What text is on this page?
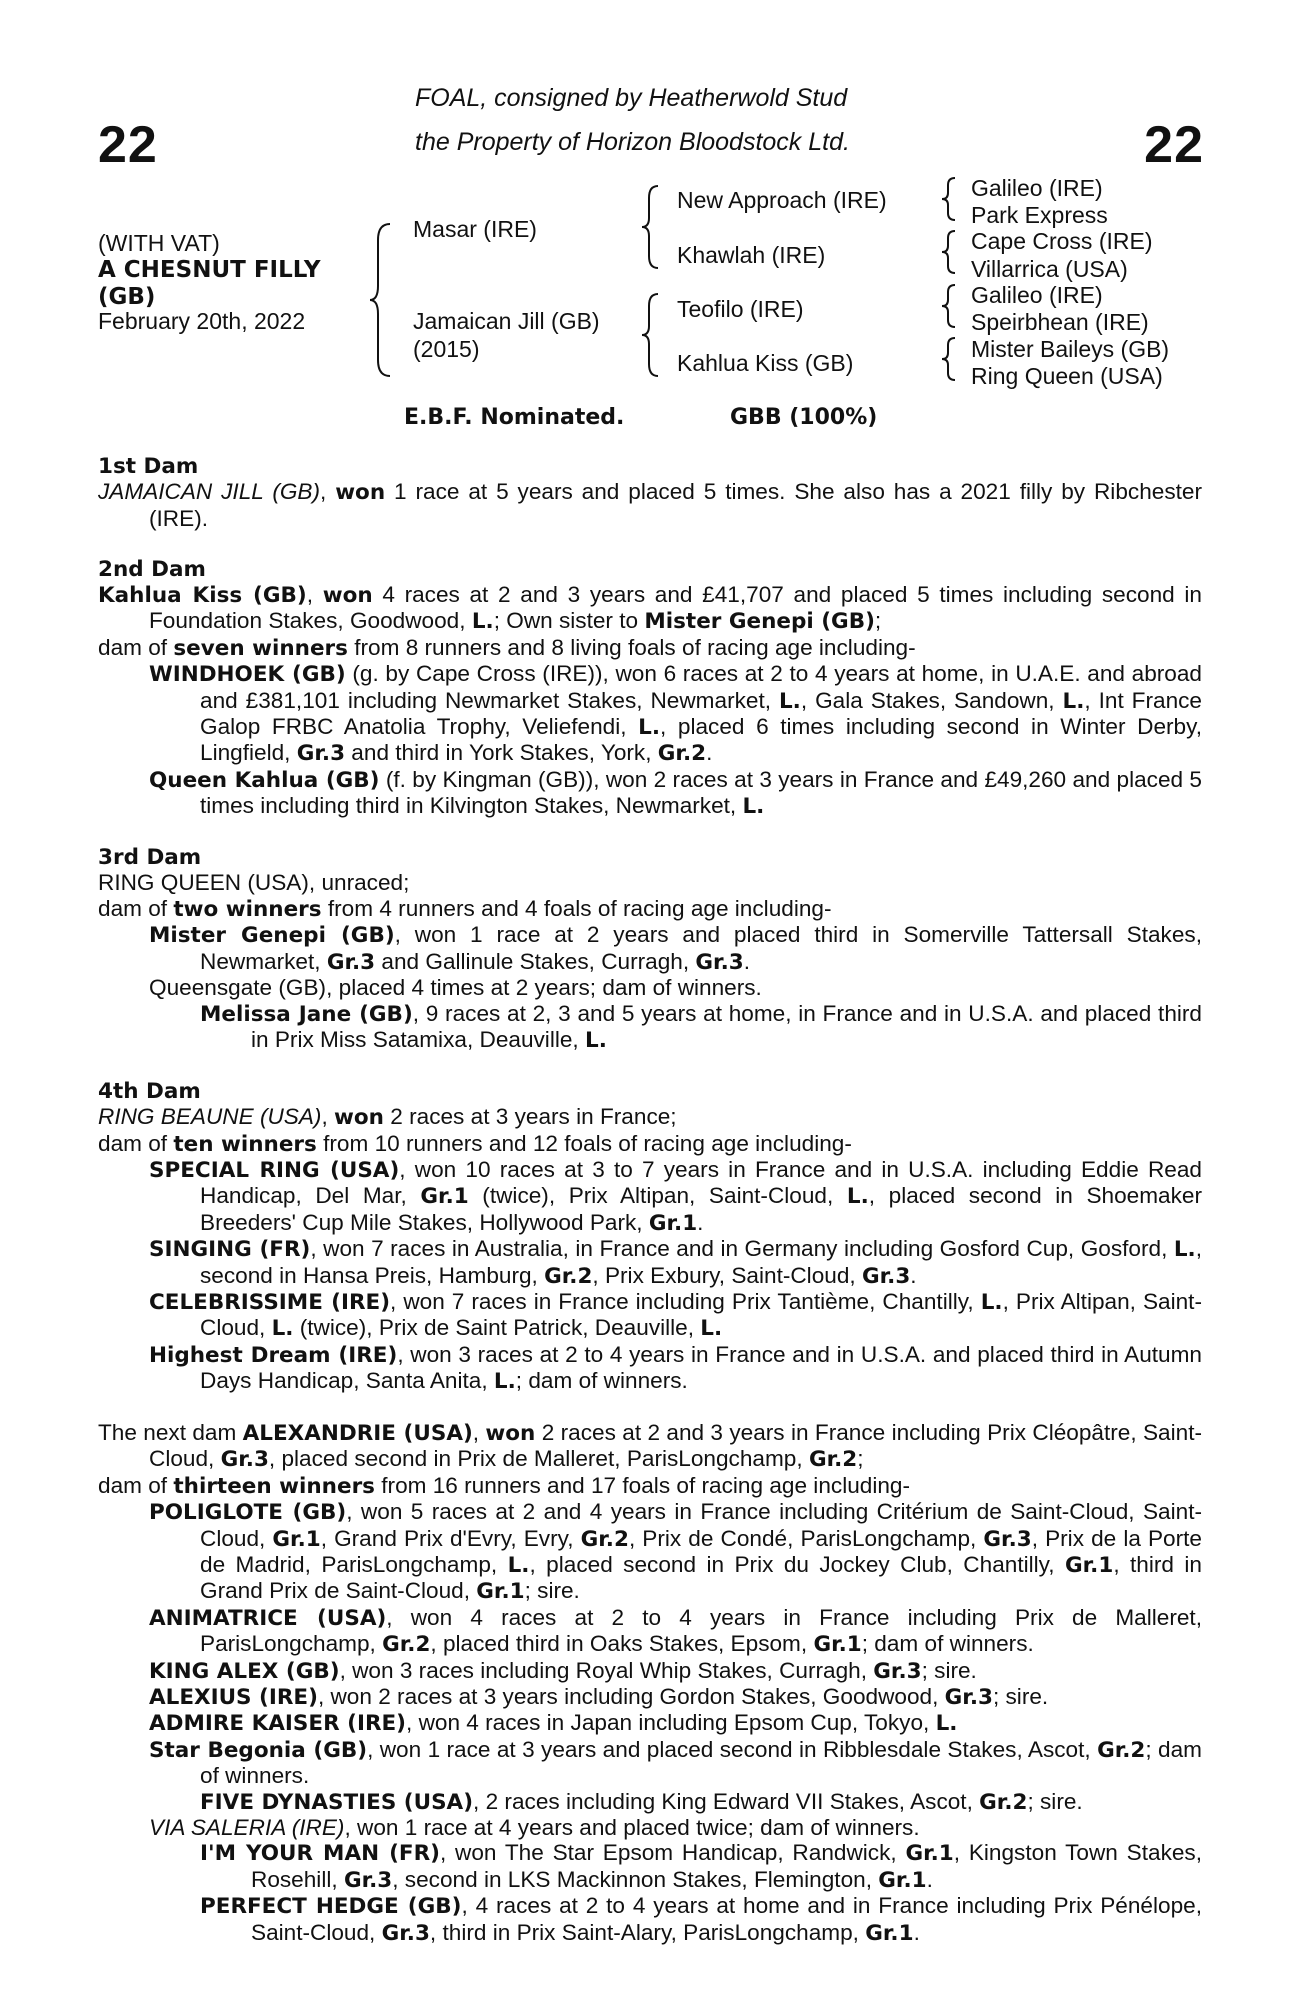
22	22
FOAL, consigned by Heatherwold Stud
the Property of Horizon Bloodstock Ltd.
(WITH VAT)
A CHESNUT FILLY
(GB)
February 20th, 2022
Masar (IRE)
Jamaican Jill (GB)
(2015)
New Approach (IRE)
Khawlah (IRE)
Teofilo (IRE)
Kahlua Kiss (GB)
Galileo (IRE)
Park Express
Cape Cross (IRE)
Villarrica (USA)
Galileo (IRE)
Speirbhean (IRE)
Mister Baileys (GB)
Ring Queen (USA)
E.B.F. Nominated.	GBB (100%)

1st Dam

JAMAICAN JILL (GB), won 1 race at 5 years and placed 5 times. She also has a 2021 filly by Ribchester (IRE).

2nd Dam

Kahlua Kiss (GB), won 4 races at 2 and 3 years and £41,707 and placed 5 times including second in Foundation Stakes, Goodwood, L.; Own sister to Mister Genepi (GB);

dam of seven winners from 8 runners and 8 living foals of racing age including-

WINDHOEK (GB) (g. by Cape Cross (IRE)), won 6 races at 2 to 4 years at home, in U.A.E. and abroad and £381,101 including Newmarket Stakes, Newmarket, L., Gala Stakes, Sandown, L., Int France Galop FRBC Anatolia Trophy, Veliefendi, L., placed 6 times including second in Winter Derby, Lingfield, Gr.3 and third in York Stakes, York, Gr.2.

Queen Kahlua (GB) (f. by Kingman (GB)), won 2 races at 3 years in France and £49,260 and placed 5 times including third in Kilvington Stakes, Newmarket, L.

3rd Dam

RING QUEEN (USA), unraced;

dam of two winners from 4 runners and 4 foals of racing age including-

Mister Genepi (GB), won 1 race at 2 years and placed third in Somerville Tattersall Stakes, Newmarket, Gr.3 and Gallinule Stakes, Curragh, Gr.3.

Queensgate (GB), placed 4 times at 2 years; dam of winners.

Melissa Jane (GB), 9 races at 2, 3 and 5 years at home, in France and in U.S.A. and placed third in Prix Miss Satamixa, Deauville, L.

4th Dam

RING BEAUNE (USA), won 2 races at 3 years in France;

dam of ten winners from 10 runners and 12 foals of racing age including-

SPECIAL RING (USA), won 10 races at 3 to 7 years in France and in U.S.A. including Eddie Read Handicap, Del Mar, Gr.1 (twice), Prix Altipan, Saint-Cloud, L., placed second in Shoemaker Breeders' Cup Mile Stakes, Hollywood Park, Gr.1.

SINGING (FR), won 7 races in Australia, in France and in Germany including Gosford Cup, Gosford, L., second in Hansa Preis, Hamburg, Gr.2, Prix Exbury, Saint-Cloud, Gr.3.

CELEBRISSIME (IRE), won 7 races in France including Prix Tantième, Chantilly, L., Prix Altipan, Saint-Cloud, L. (twice), Prix de Saint Patrick, Deauville, L.

Highest Dream (IRE), won 3 races at 2 to 4 years in France and in U.S.A. and placed third in Autumn Days Handicap, Santa Anita, L.; dam of winners.

The next dam ALEXANDRIE (USA), won 2 races at 2 and 3 years in France including Prix Cléopâtre, Saint-Cloud, Gr.3, placed second in Prix de Malleret, ParisLongchamp, Gr.2;

dam of thirteen winners from 16 runners and 17 foals of racing age including-

POLIGLOTE (GB), won 5 races at 2 and 4 years in France including Critérium de Saint-Cloud, Saint-Cloud, Gr.1, Grand Prix d'Evry, Evry, Gr.2, Prix de Condé, ParisLongchamp, Gr.3, Prix de la Porte de Madrid, ParisLongchamp, L., placed second in Prix du Jockey Club, Chantilly, Gr.1, third in Grand Prix de Saint-Cloud, Gr.1; sire.

ANIMATRICE (USA), won 4 races at 2 to 4 years in France including Prix de Malleret, ParisLongchamp, Gr.2, placed third in Oaks Stakes, Epsom, Gr.1; dam of winners.

KING ALEX (GB), won 3 races including Royal Whip Stakes, Curragh, Gr.3; sire.

ALEXIUS (IRE), won 2 races at 3 years including Gordon Stakes, Goodwood, Gr.3; sire.

ADMIRE KAISER (IRE), won 4 races in Japan including Epsom Cup, Tokyo, L.

Star Begonia (GB), won 1 race at 3 years and placed second in Ribblesdale Stakes, Ascot, Gr.2; dam of winners.

FIVE DYNASTIES (USA), 2 races including King Edward VII Stakes, Ascot, Gr.2; sire.

VIA SALERIA (IRE), won 1 race at 4 years and placed twice; dam of winners.

I'M YOUR MAN (FR), won The Star Epsom Handicap, Randwick, Gr.1, Kingston Town Stakes, Rosehill, Gr.3, second in LKS Mackinnon Stakes, Flemington, Gr.1.

PERFECT HEDGE (GB), 4 races at 2 to 4 years at home and in France including Prix Pénélope, Saint-Cloud, Gr.3, third in Prix Saint-Alary, ParisLongchamp, Gr.1.
